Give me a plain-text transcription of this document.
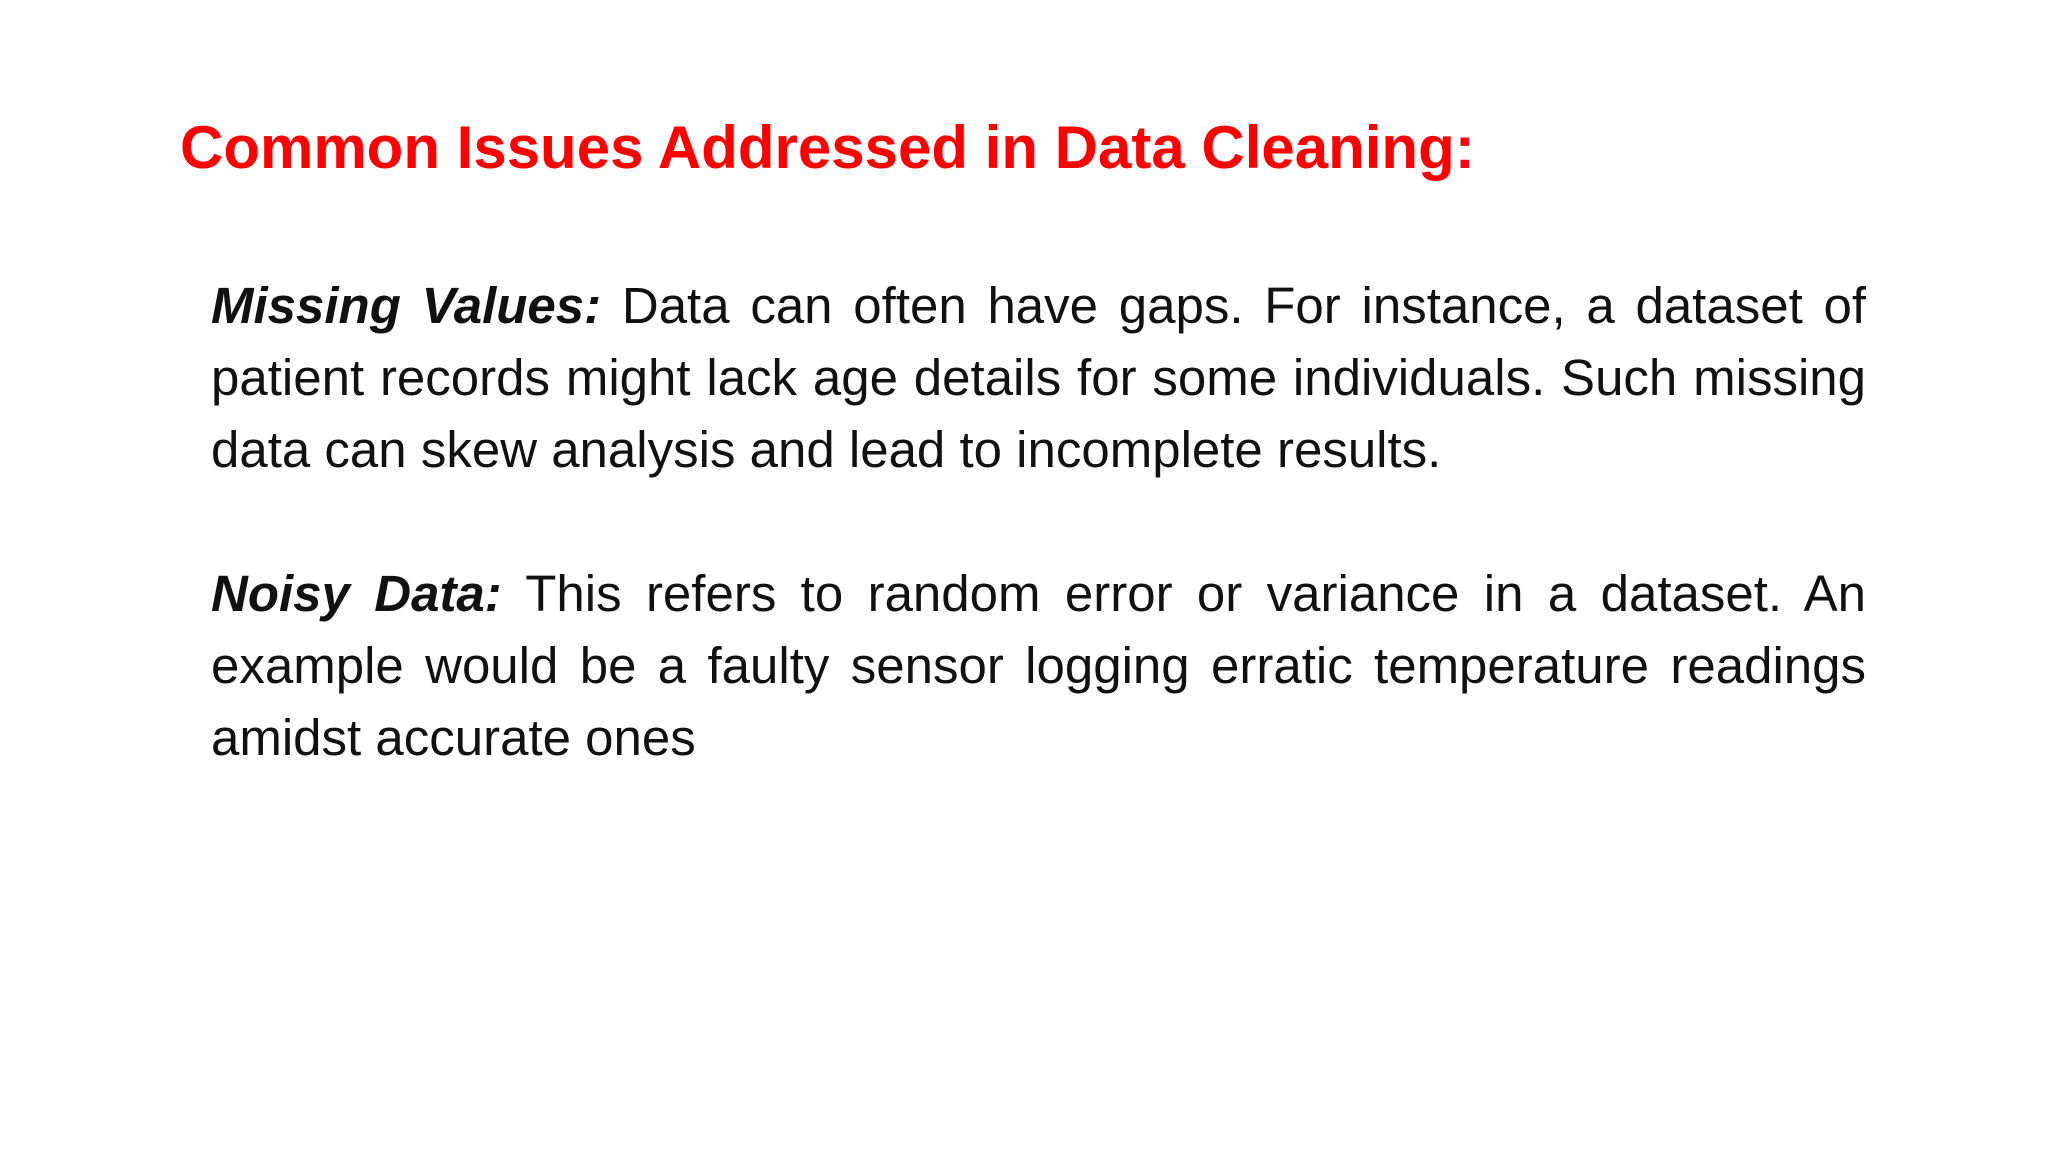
Common Issues Addressed in Data Cleaning:

Missing Values: Data can often have gaps. For instance, a dataset of patient records might lack age details for some individuals. Such missing data can skew analysis and lead to incomplete results.

Noisy Data: This refers to random error or variance in a dataset. An example would be a faulty sensor logging erratic temperature readings amidst accurate ones
